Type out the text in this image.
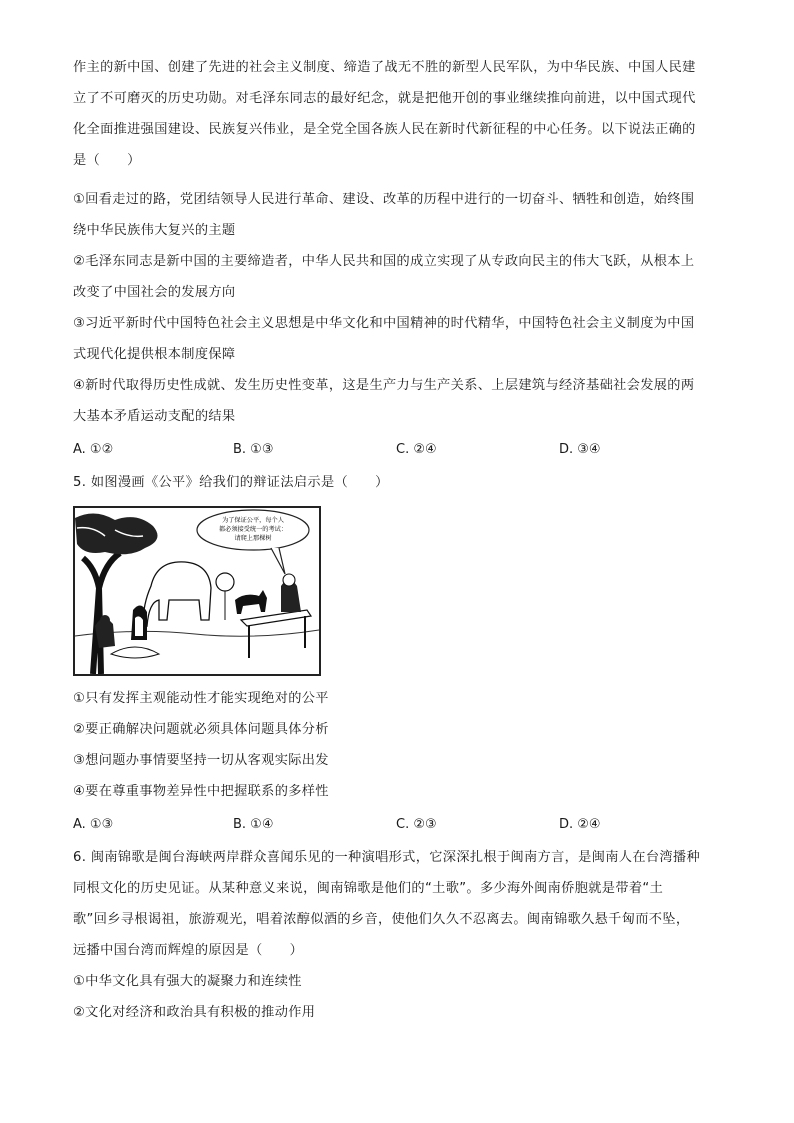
作主的新中国、创建了先进的社会主义制度、缔造了战无不胜的新型人民军队，为中华民族、中国人民建
立了不可磨灭的历史功勋。对毛泽东同志的最好纪念，就是把他开创的事业继续推向前进，以中国式现代
化全面推进强国建设、民族复兴伟业，是全党全国各族人民在新时代新征程的中心任务。以下说法正确的
是（　　）
①回看走过的路，党团结领导人民进行革命、建设、改革的历程中进行的一切奋斗、牺牲和创造，始终围
绕中华民族伟大复兴的主题
②毛泽东同志是新中国的主要缔造者，中华人民共和国的成立实现了从专政向民主的伟大飞跃，从根本上
改变了中国社会的发展方向
③习近平新时代中国特色社会主义思想是中华文化和中国精神的时代精华，中国特色社会主义制度为中国
式现代化提供根本制度保障
④新时代取得历史性成就、发生历史性变革，这是生产力与生产关系、上层建筑与经济基础社会发展的两
大基本矛盾运动支配的结果
A. ①②	B. ①③	C. ②④	D. ③④
5. 如图漫画《公平》给我们的辩证法启示是（　　）
为了保证公平，每个人
都必须接受统一的考试：
请爬上那棵树
①只有发挥主观能动性才能实现绝对的公平
②要正确解决问题就必须具体问题具体分析
③想问题办事情要坚持一切从客观实际出发
④要在尊重事物差异性中把握联系的多样性
A. ①③	B. ①④	C. ②③	D. ②④
6. 闽南锦歌是闽台海峡两岸群众喜闻乐见的一种演唱形式，它深深扎根于闽南方言，是闽南人在台湾播种
同根文化的历史见证。从某种意义来说，闽南锦歌是他们的“土歌”。多少海外闽南侨胞就是带着“土
歌”回乡寻根谒祖，旅游观光，唱着浓醇似酒的乡音，使他们久久不忍离去。闽南锦歌久悬千匈而不坠，
远播中国台湾而辉煌的原因是（　　）
①中华文化具有强大的凝聚力和连续性
②文化对经济和政治具有积极的推动作用
